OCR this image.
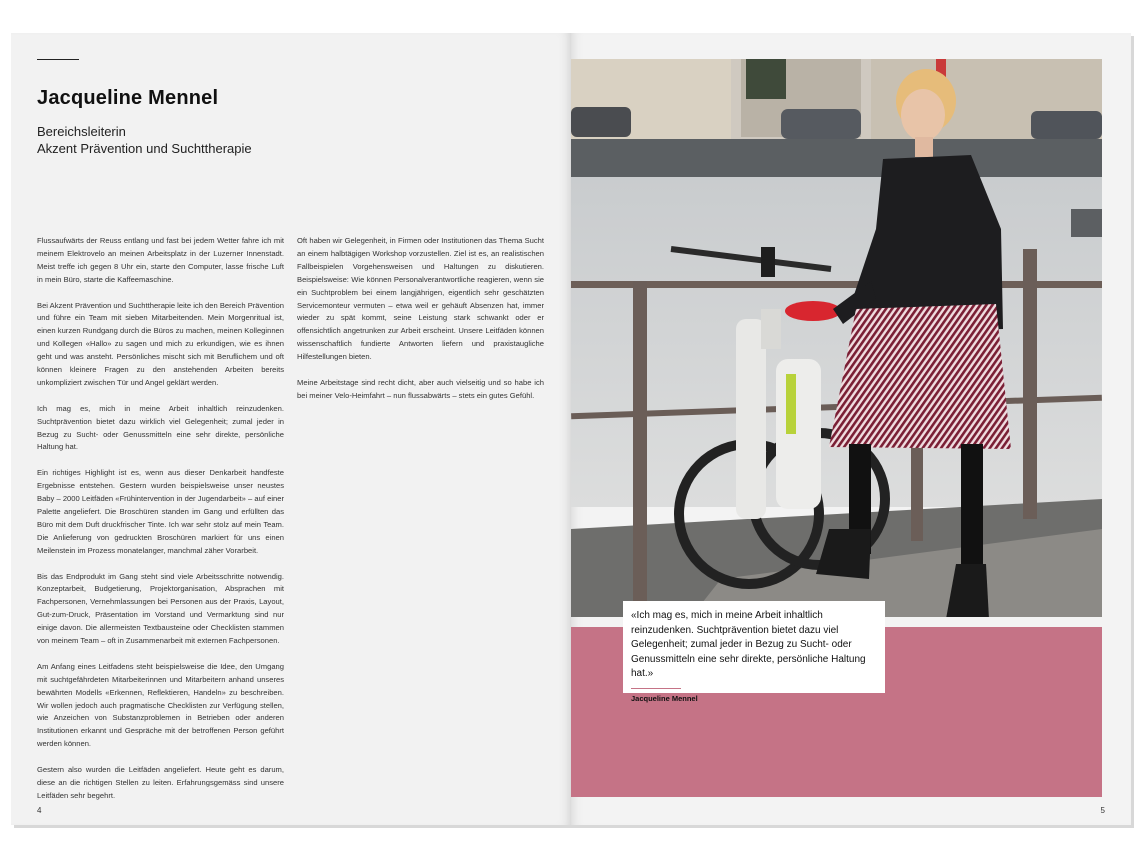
Jacqueline Mennel
Bereichsleiterin
Akzent Prävention und Suchttherapie

Flussaufwärts der Reuss entlang und fast bei jedem Wetter fahre ich mit meinem Elektrovelo an meinen Arbeitsplatz in der Luzerner Innenstadt. Meist treffe ich gegen 8 Uhr ein, starte den Computer, lasse frische Luft in mein Büro, starte die Kaffeemaschine.

Bei Akzent Prävention und Suchttherapie leite ich den Bereich Prävention und führe ein Team mit sieben Mitarbeitenden. Mein Morgenritual ist, einen kurzen Rundgang durch die Büros zu machen, meinen Kolleginnen und Kollegen «Hallo» zu sagen und mich zu erkundigen, wie es ihnen geht und was ansteht. Persönliches mischt sich mit Beruflichem und oft können kleinere Fragen zu den anstehenden Arbeiten bereits unkompliziert zwischen Tür und Angel geklärt werden.

Ich mag es, mich in meine Arbeit inhaltlich reinzudenken. Suchtprävention bietet dazu wirklich viel Gelegenheit; zumal jeder in Bezug zu Sucht- oder Genussmitteln eine sehr direkte, persönliche Haltung hat.

Ein richtiges Highlight ist es, wenn aus dieser Denkarbeit handfeste Ergebnisse entstehen. Gestern wurden beispielsweise unser neustes Baby – 2000 Leitfäden «Frühintervention in der Jugendarbeit» – auf einer Palette angeliefert. Die Broschüren standen im Gang und erfüllten das Büro mit dem Duft druckfrischer Tinte. Ich war sehr stolz auf mein Team. Die Anlieferung von gedruckten Broschüren markiert für uns einen Meilenstein im Prozess monatelanger, manchmal zäher Vorarbeit.

Bis das Endprodukt im Gang steht sind viele Arbeitsschritte notwendig. Konzeptarbeit, Budgetierung, Projektorganisation, Absprachen mit Fachpersonen, Vernehmlassungen bei Personen aus der Praxis, Layout, Gut-zum-Druck, Präsentation im Vorstand und Vermarktung sind nur einige davon. Die allermeisten Textbausteine oder Checklisten stammen von meinem Team – oft in Zusammenarbeit mit externen Fachpersonen.

Am Anfang eines Leitfadens steht beispielsweise die Idee, den Umgang mit suchtgefährdeten Mitarbeiterinnen und Mitarbeitern anhand unseres bewährten Modells «Erkennen, Reflektieren, Handeln» zu beschreiben. Wir wollen jedoch auch pragmatische Checklisten zur Verfügung stellen, wie Anzeichen von Substanzproblemen in Betrieben oder anderen Institutionen erkannt und Gespräche mit der betroffenen Person geführt werden können.

Gestern also wurden die Leitfäden angeliefert. Heute geht es darum, diese an die richtigen Stellen zu leiten. Erfahrungsgemäss sind unsere Leitfäden sehr begehrt.

Oft haben wir Gelegenheit, in Firmen oder Institutionen das Thema Sucht an einem halbtägigen Workshop vorzustellen. Ziel ist es, an realistischen Fallbeispielen Vorgehensweisen und Haltungen zu diskutieren. Beispielsweise: Wie können Personalverantwortliche reagieren, wenn sie ein Suchtproblem bei einem langjährigen, eigentlich sehr geschätzten Servicemonteur vermuten – etwa weil er gehäuft Absenzen hat, immer wieder zu spät kommt, seine Leistung stark schwankt oder er offensichtlich angetrunken zur Arbeit erscheint. Unsere Leitfäden können wissenschaftlich fundierte Antworten liefern und praxistaugliche Hilfestellungen bieten.

Meine Arbeitstage sind recht dicht, aber auch vielseitig und so habe ich bei meiner Velo-Heimfahrt – nun flussabwärts – stets ein gutes Gefühl.

4
«Ich mag es, mich in meine Arbeit inhaltlich reinzudenken. Suchtprävention bietet dazu viel Gelegenheit; zumal jeder in Bezug zu Sucht- oder Genussmitteln eine sehr direkte, persönliche Haltung hat.»
Jacqueline Mennel
5
